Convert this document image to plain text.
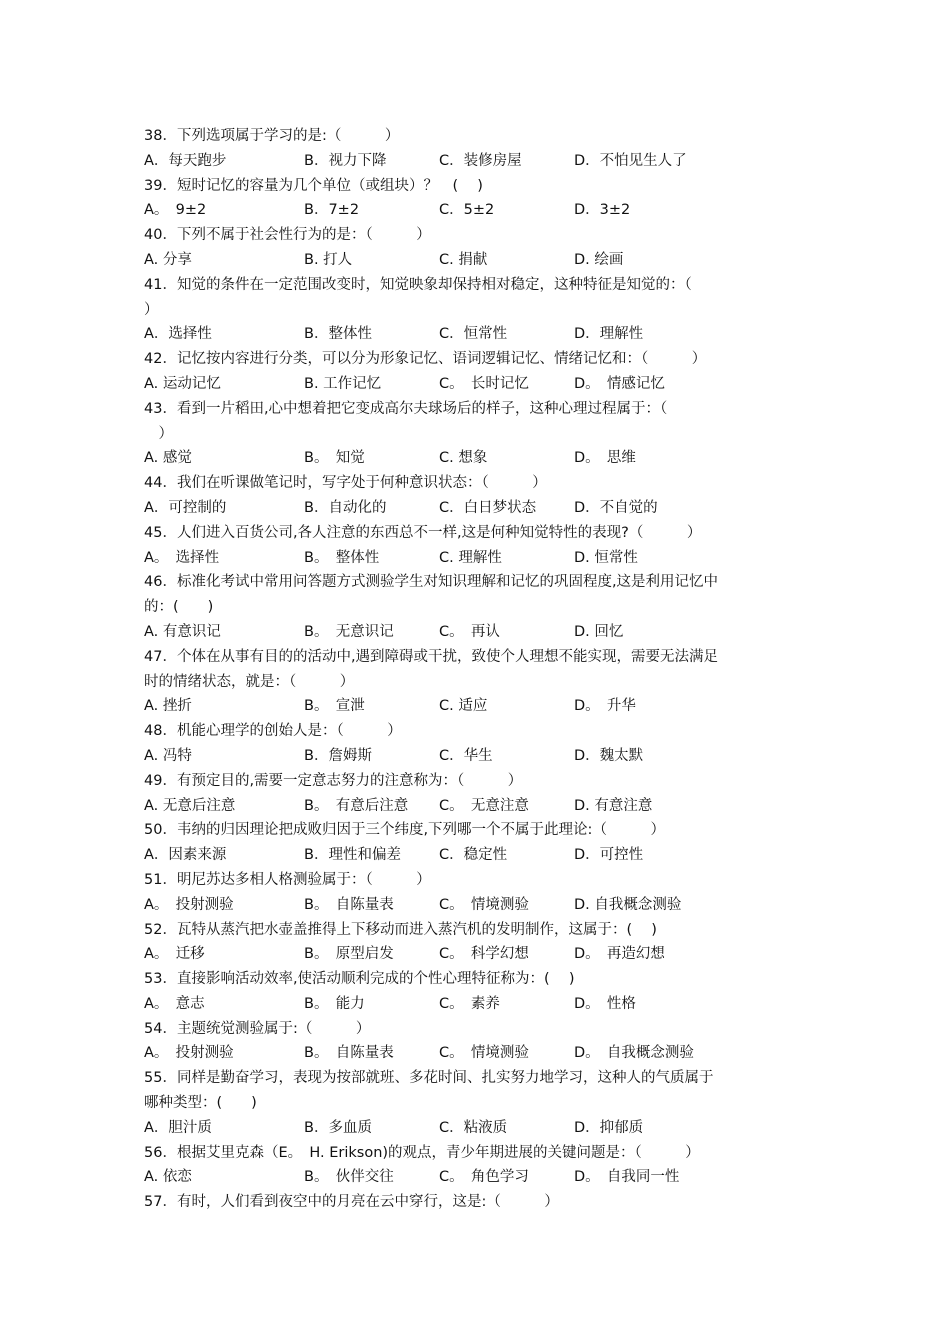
38．下列选项属于学习的是:（　　　）
A．每天跑步	B．视力下降	C．装修房屋	D．不怕见生人了
39．短时记忆的容量为几个单位（或组块）？　(　 )
A。　9±2	B．7±2	C．5±2	D．3±2
40．下列不属于社会性行为的是：（　　　）
A. 分享	B. 打人	C. 捐献	D. 绘画
41．知觉的条件在一定范围改变时，知觉映象却保持相对稳定，这种特征是知觉的：（
）
A．选择性	B．整体性	C．恒常性	D．理解性
42．记忆按内容进行分类，可以分为形象记忆、语词逻辑记忆、情绪记忆和：（　　　）
A. 运动记忆	B. 工作记忆	C。　长时记忆	D。　情感记忆
43．看到一片稻田,心中想着把它变成高尔夫球场后的样子，这种心理过程属于：（
　）
A. 感觉	B。　知觉	C. 想象	D。　思维
44．我们在听课做笔记时，写字处于何种意识状态：（　　　）
A．可控制的	B．自动化的	C．白日梦状态	D．不自觉的
45．人们进入百货公司,各人注意的东西总不一样,这是何种知觉特性的表现?（　　　）
A。　选择性	B。　整体性	C. 理解性	D. 恒常性
46．标准化考试中常用问答题方式测验学生对知识理解和记忆的巩固程度,这是利用记忆中
的：(　　)
A. 有意识记	B。　无意识记	C。　再认	D. 回忆
47．个体在从事有目的的活动中,遇到障碍或干扰，致使个人理想不能实现，需要无法满足
时的情绪状态，就是：（　　　）
A. 挫折	B。　宣泄	C. 适应	D。　升华
48．机能心理学的创始人是：（　　　）
A. 冯特	B．詹姆斯	C．华生	D．魏太默
49．有预定目的,需要一定意志努力的注意称为：（　　　）
A. 无意后注意	B。　有意后注意 C。　无意注意	D. 有意注意
50．韦纳的归因理论把成败归因于三个纬度,下列哪一个不属于此理论:（　　　）
A．因素来源	B．理性和偏差	C．稳定性	D．可控性
51．明尼苏达多相人格测验属于：（　　　）
A。　投射测验	B。　自陈量表	C。　情境测验	D. 自我概念测验
52．瓦特从蒸汽把水壶盖推得上下移动而进入蒸汽机的发明制作，这属于：(　 )
A。　迁移	B。　原型启发	C。　科学幻想	D。　再造幻想
53．直接影响活动效率,使活动顺利完成的个性心理特征称为：(　 )
A。　意志	B。　能力	C。　素养	D。　性格
54．主题统觉测验属于:（　　　）
A。　投射测验	B。　自陈量表	C。　情境测验	D。　自我概念测验
55．同样是勤奋学习，表现为按部就班、多花时间、扎实努力地学习，这种人的气质属于
哪种类型：(　　)
A．胆汁质	B．多血质	C．粘液质	D．抑郁质
56．根据艾里克森（E。　H. Erikson)的观点，青少年期进展的关键问题是：（　　　）
A. 依恋	B。　伙伴交往	C。　角色学习	D。　自我同一性
57．有时，人们看到夜空中的月亮在云中穿行，这是:（　　　）
